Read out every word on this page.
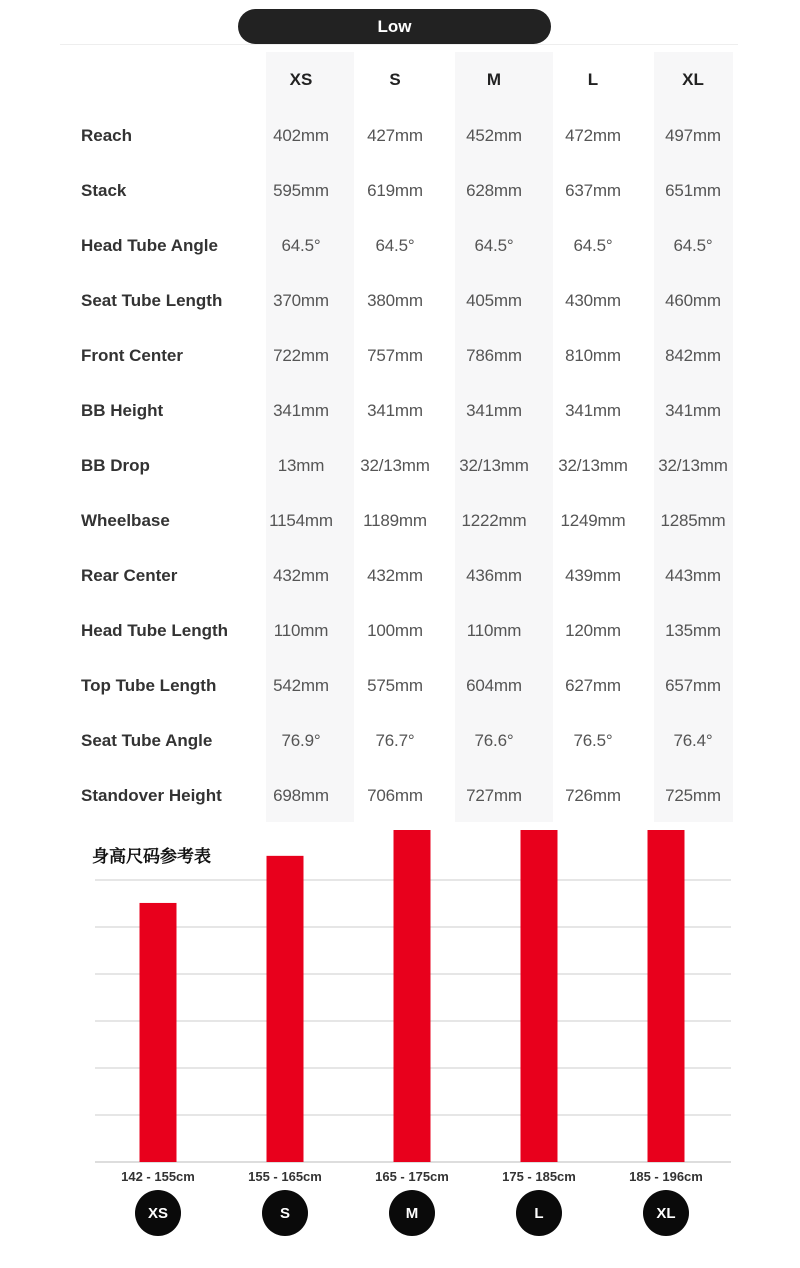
Low
XS	S	M	L	XL
Reach	402mm	427mm	452mm	472mm	497mm
Stack	595mm	619mm	628mm	637mm	651mm
Head Tube Angle	64.5°	64.5°	64.5°	64.5°	64.5°
Seat Tube Length	370mm	380mm	405mm	430mm	460mm
Front Center	722mm	757mm	786mm	810mm	842mm
BB Height	341mm	341mm	341mm	341mm	341mm
BB Drop	13mm	32/13mm	32/13mm	32/13mm	32/13mm
Wheelbase	1154mm	1189mm	1222mm	1249mm	1285mm
Rear Center	432mm	432mm	436mm	439mm	443mm
Head Tube Length	110mm	100mm	110mm	120mm	135mm
Top Tube Length	542mm	575mm	604mm	627mm	657mm
Seat Tube Angle	76.9°	76.7°	76.6°	76.5°	76.4°
Standover Height	698mm	706mm	727mm	726mm	725mm
身高尺码参考表
142 - 155cm	155 - 165cm	165 - 175cm	175 - 185cm	185 - 196cm
XS	S	M	L	XL
